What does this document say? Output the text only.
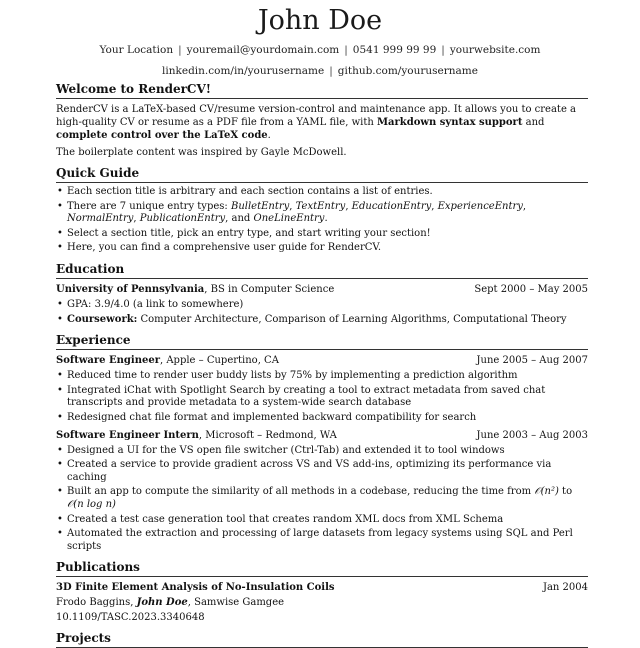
John Doe
Your Location | youremail@yourdomain.com | 0541 999 99 99 | yourwebsite.com
linkedin.com/in/yourusername | github.com/yourusername
Welcome to RenderCV!

RenderCV is a LaTeX-based CV/resume version-control and maintenance app. It allows you to create a high-quality CV or resume as a PDF file from a YAML file, with Markdown syntax support and complete control over the LaTeX code.

The boilerplate content was inspired by Gayle McDowell.

Quick Guide
• Each section title is arbitrary and each section contains a list of entries.
• There are 7 unique entry types: BulletEntry, TextEntry, EducationEntry, ExperienceEntry, NormalEntry, PublicationEntry, and OneLineEntry.
• Select a section title, pick an entry type, and start writing your section!
• Here, you can find a comprehensive user guide for RenderCV.
Education
University of Pennsylvania, BS in Computer Science	Sept 2000 – May 2005
• GPA: 3.9/4.0 (a link to somewhere)
• Coursework: Computer Architecture, Comparison of Learning Algorithms, Computational Theory
Experience
Software Engineer, Apple – Cupertino, CA	June 2005 – Aug 2007
• Reduced time to render user buddy lists by 75% by implementing a prediction algorithm
• Integrated iChat with Spotlight Search by creating a tool to extract metadata from saved chat transcripts and provide metadata to a system-wide search database
• Redesigned chat file format and implemented backward compatibility for search
Software Engineer Intern, Microsoft – Redmond, WA	June 2003 – Aug 2003
• Designed a UI for the VS open file switcher (Ctrl-Tab) and extended it to tool windows
• Created a service to provide gradient across VS and VS add-ins, optimizing its performance via caching
• Built an app to compute the similarity of all methods in a codebase, reducing the time from 𝒪(n²) to 𝒪(n log n)
• Created a test case generation tool that creates random XML docs from XML Schema
• Automated the extraction and processing of large datasets from legacy systems using SQL and Perl scripts
Publications
3D Finite Element Analysis of No-Insulation Coils	Jan 2004
Frodo Baggins, John Doe, Samwise Gamgee
10.1109/TASC.2023.3340648
Projects
